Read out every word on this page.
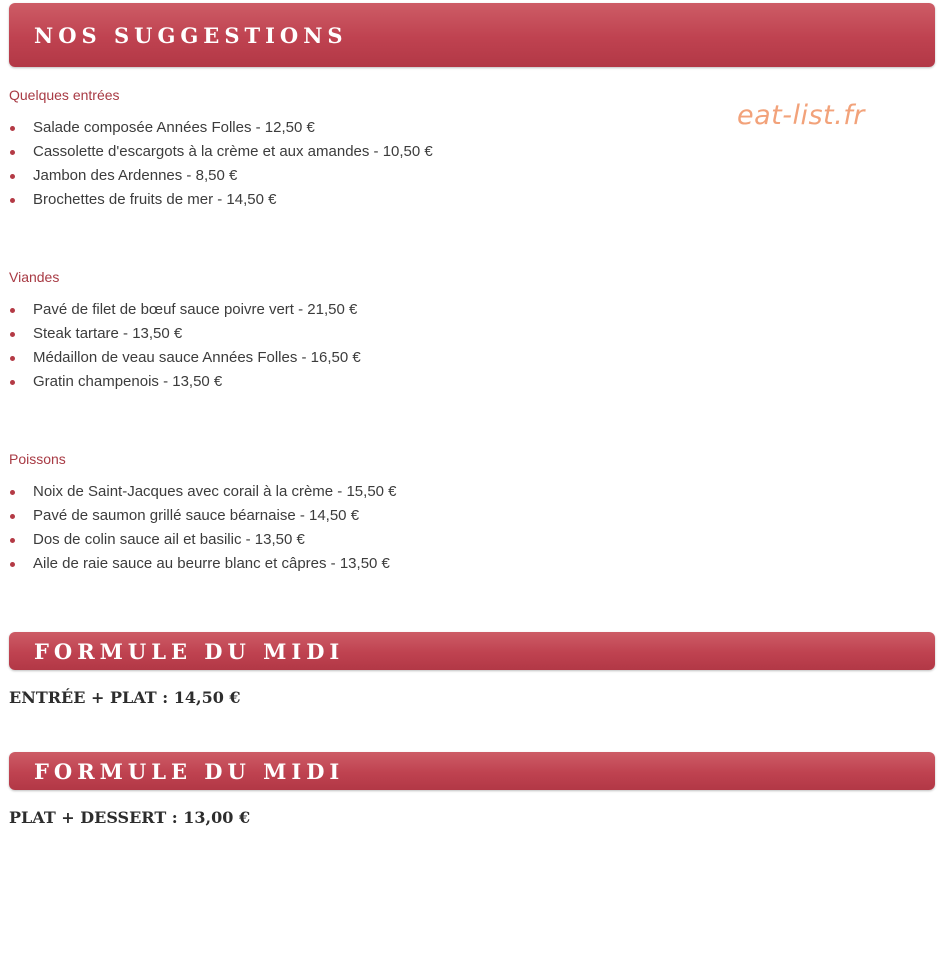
NOS SUGGESTIONS
eat-list.fr
Quelques entrées
Salade composée Années Folles - 12,50 €
Cassolette d'escargots à la crème et aux amandes - 10,50 €
Jambon des Ardennes - 8,50 €
Brochettes de fruits de mer - 14,50 €
Viandes
Pavé de filet de bœuf sauce poivre vert - 21,50 €
Steak tartare - 13,50 €
Médaillon de veau sauce Années Folles - 16,50 €
Gratin champenois - 13,50 €
Poissons
Noix de Saint-Jacques avec corail à la crème - 15,50 €
Pavé de saumon grillé sauce béarnaise - 14,50 €
Dos de colin sauce ail et basilic - 13,50 €
Aile de raie sauce au beurre blanc et câpres - 13,50 €
FORMULE DU MIDI
ENTRÉE + PLAT : 14,50 €
FORMULE DU MIDI
PLAT + DESSERT : 13,00 €
